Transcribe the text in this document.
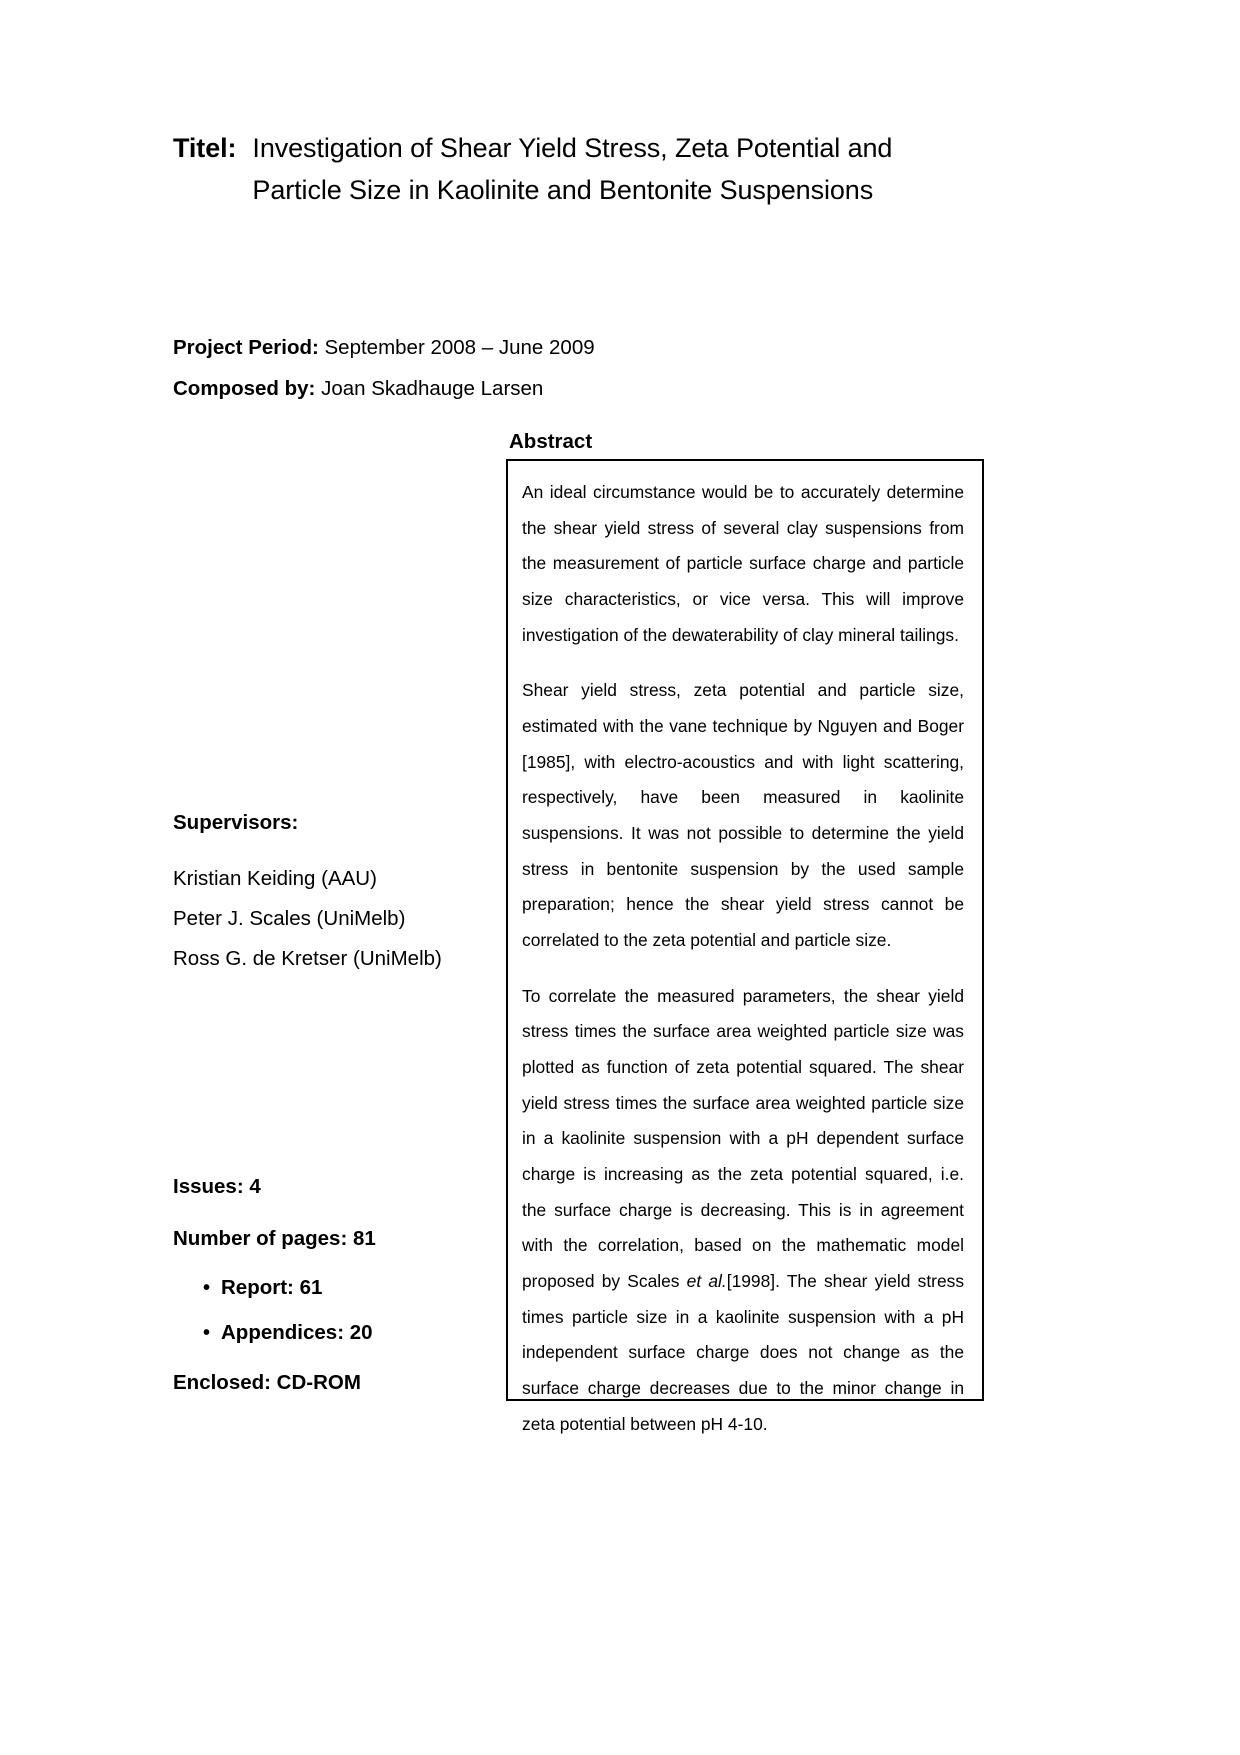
Titel: Investigation of Shear Yield Stress, Zeta Potential and
Particle Size in Kaolinite and Bentonite Suspensions
Project Period: September 2008 – June 2009
Composed by: Joan Skadhauge Larsen
Supervisors:
Kristian Keiding (AAU)
Peter J. Scales (UniMelb)
Ross G. de Kretser (UniMelb)
Issues: 4
Number of pages: 81
• Report: 61
• Appendices: 20
Enclosed: CD-ROM
Abstract

An ideal circumstance would be to accurately determine the shear yield stress of several clay suspensions from the measurement of particle surface charge and particle size characteristics, or vice versa. This will improve investigation of the dewaterability of clay mineral tailings.

Shear yield stress, zeta potential and particle size, estimated with the vane technique by Nguyen and Boger [1985], with electro-acoustics and with light scattering, respectively, have been measured in kaolinite suspensions. It was not possible to determine the yield stress in bentonite suspension by the used sample preparation; hence the shear yield stress cannot be correlated to the zeta potential and particle size.

To correlate the measured parameters, the shear yield stress times the surface area weighted particle size was plotted as function of zeta potential squared. The shear yield stress times the surface area weighted particle size in a kaolinite suspension with a pH dependent surface charge is increasing as the zeta potential squared, i.e. the surface charge is decreasing. This is in agreement with the correlation, based on the mathematic model proposed by Scales et al.[1998]. The shear yield stress times particle size in a kaolinite suspension with a pH independent surface charge does not change as the surface charge decreases due to the minor change in zeta potential between pH 4-10.
